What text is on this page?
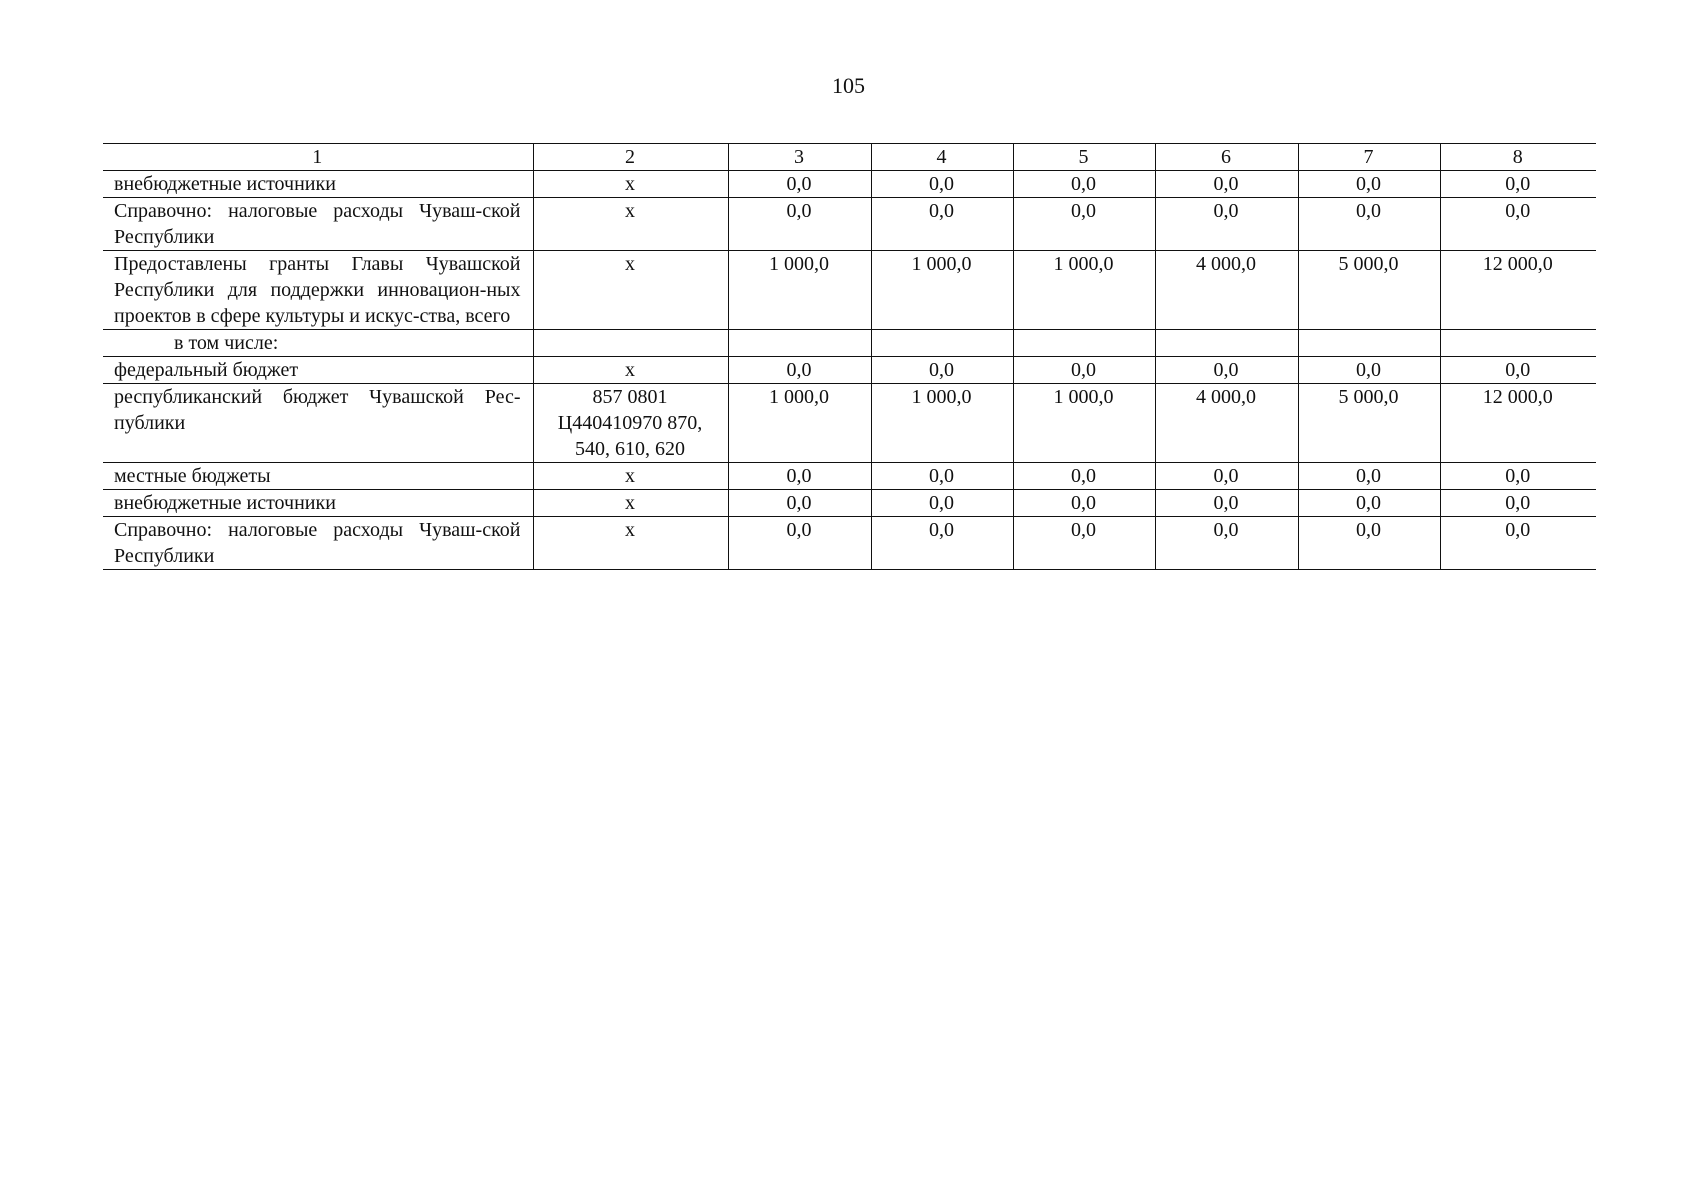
105
1	2	3	4	5	6	7	8
внебюджетные источники	х	0,0	0,0	0,0	0,0	0,0	0,0
Справочно: налоговые расходы Чуваш-ской Республики	х	0,0	0,0	0,0	0,0	0,0	0,0
Предоставлены гранты Главы Чувашской Республики для поддержки инновацион-ных проектов в сфере культуры и искус-ства, всего	х	1 000,0	1 000,0	1 000,0	4 000,0	5 000,0	12 000,0
в том числе:							
федеральный бюджет	х	0,0	0,0	0,0	0,0	0,0	0,0
республиканский бюджет Чувашской Рес-публики	857 0801 Ц440410970 870, 540, 610, 620	1 000,0	1 000,0	1 000,0	4 000,0	5 000,0	12 000,0
местные бюджеты	х	0,0	0,0	0,0	0,0	0,0	0,0
внебюджетные источники	х	0,0	0,0	0,0	0,0	0,0	0,0
Справочно: налоговые расходы Чуваш-ской Республики	х	0,0	0,0	0,0	0,0	0,0	0,0
